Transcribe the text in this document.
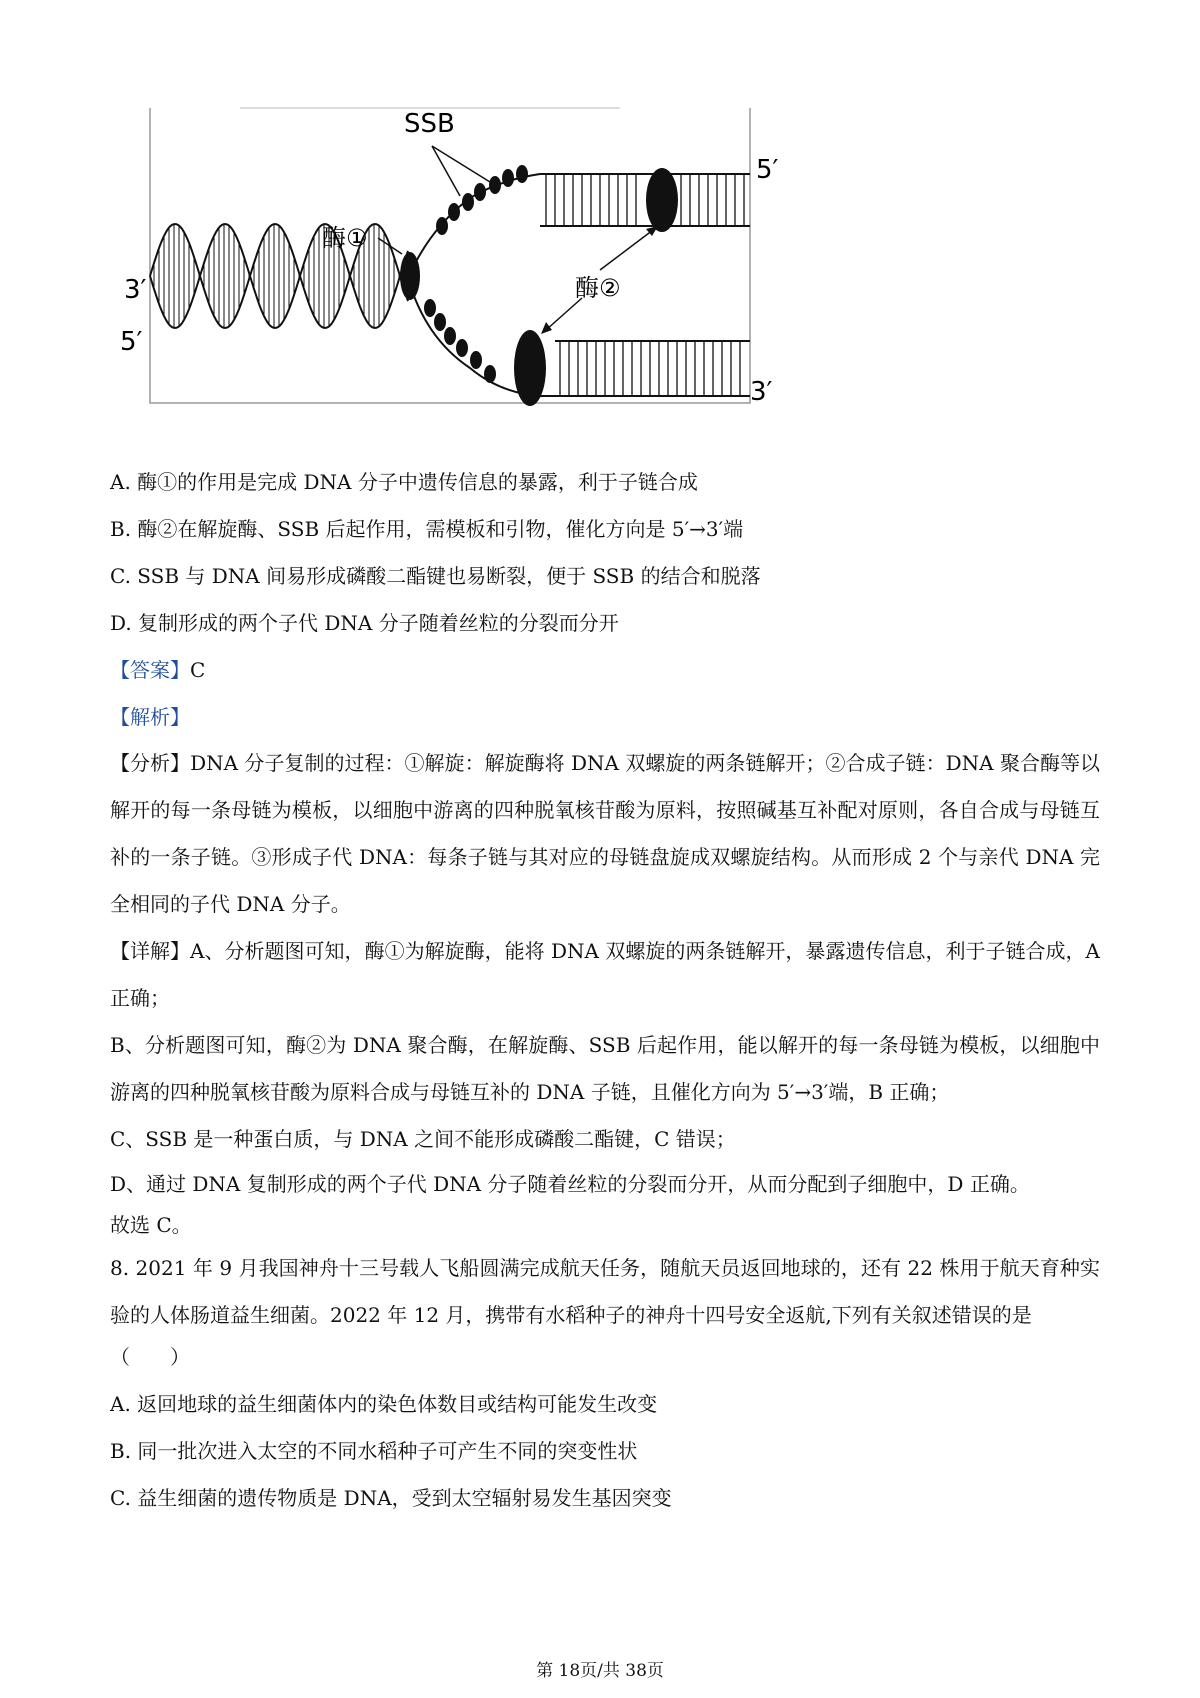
SSB
酶①
酶②
3′
5′
5′
3′
A. 酶①的作用是完成 DNA 分子中遗传信息的暴露，利于子链合成
B. 酶②在解旋酶、SSB 后起作用，需模板和引物，催化方向是 5′→3′端
C. SSB 与 DNA 间易形成磷酸二酯键也易断裂，便于 SSB 的结合和脱落
D. 复制形成的两个子代 DNA 分子随着丝粒的分裂而分开
【答案】C
【解析】

【分析】DNA 分子复制的过程：①解旋：解旋酶将 DNA 双螺旋的两条链解开；②合成子链：DNA 聚合酶等以解开的每一条母链为模板，以细胞中游离的四种脱氧核苷酸为原料，按照碱基互补配对原则，各自合成与母链互补的一条子链。③形成子代 DNA：每条子链与其对应的母链盘旋成双螺旋结构。从而形成 2 个与亲代 DNA 完全相同的子代 DNA 分子。

【详解】A、分析题图可知，酶①为解旋酶，能将 DNA 双螺旋的两条链解开，暴露遗传信息，利于子链合成，A 正确；

B、分析题图可知，酶②为 DNA 聚合酶，在解旋酶、SSB 后起作用，能以解开的每一条母链为模板，以细胞中游离的四种脱氧核苷酸为原料合成与母链互补的 DNA 子链，且催化方向为 5′→3′端，B 正确；

C、SSB 是一种蛋白质，与 DNA 之间不能形成磷酸二酯键，C 错误；

D、通过 DNA 复制形成的两个子代 DNA 分子随着丝粒的分裂而分开，从而分配到子细胞中，D 正确。

故选 C。

8. 2021 年 9 月我国神舟十三号载人飞船圆满完成航天任务，随航天员返回地球的，还有 22 株用于航天育种实验的人体肠道益生细菌。2022 年 12 月，携带有水稻种子的神舟十四号安全返航,下列有关叙述错误的是

（　　）
A. 返回地球的益生细菌体内的染色体数目或结构可能发生改变
B. 同一批次进入太空的不同水稻种子可产生不同的突变性状
C. 益生细菌的遗传物质是 DNA，受到太空辐射易发生基因突变
第 18页/共 38页
